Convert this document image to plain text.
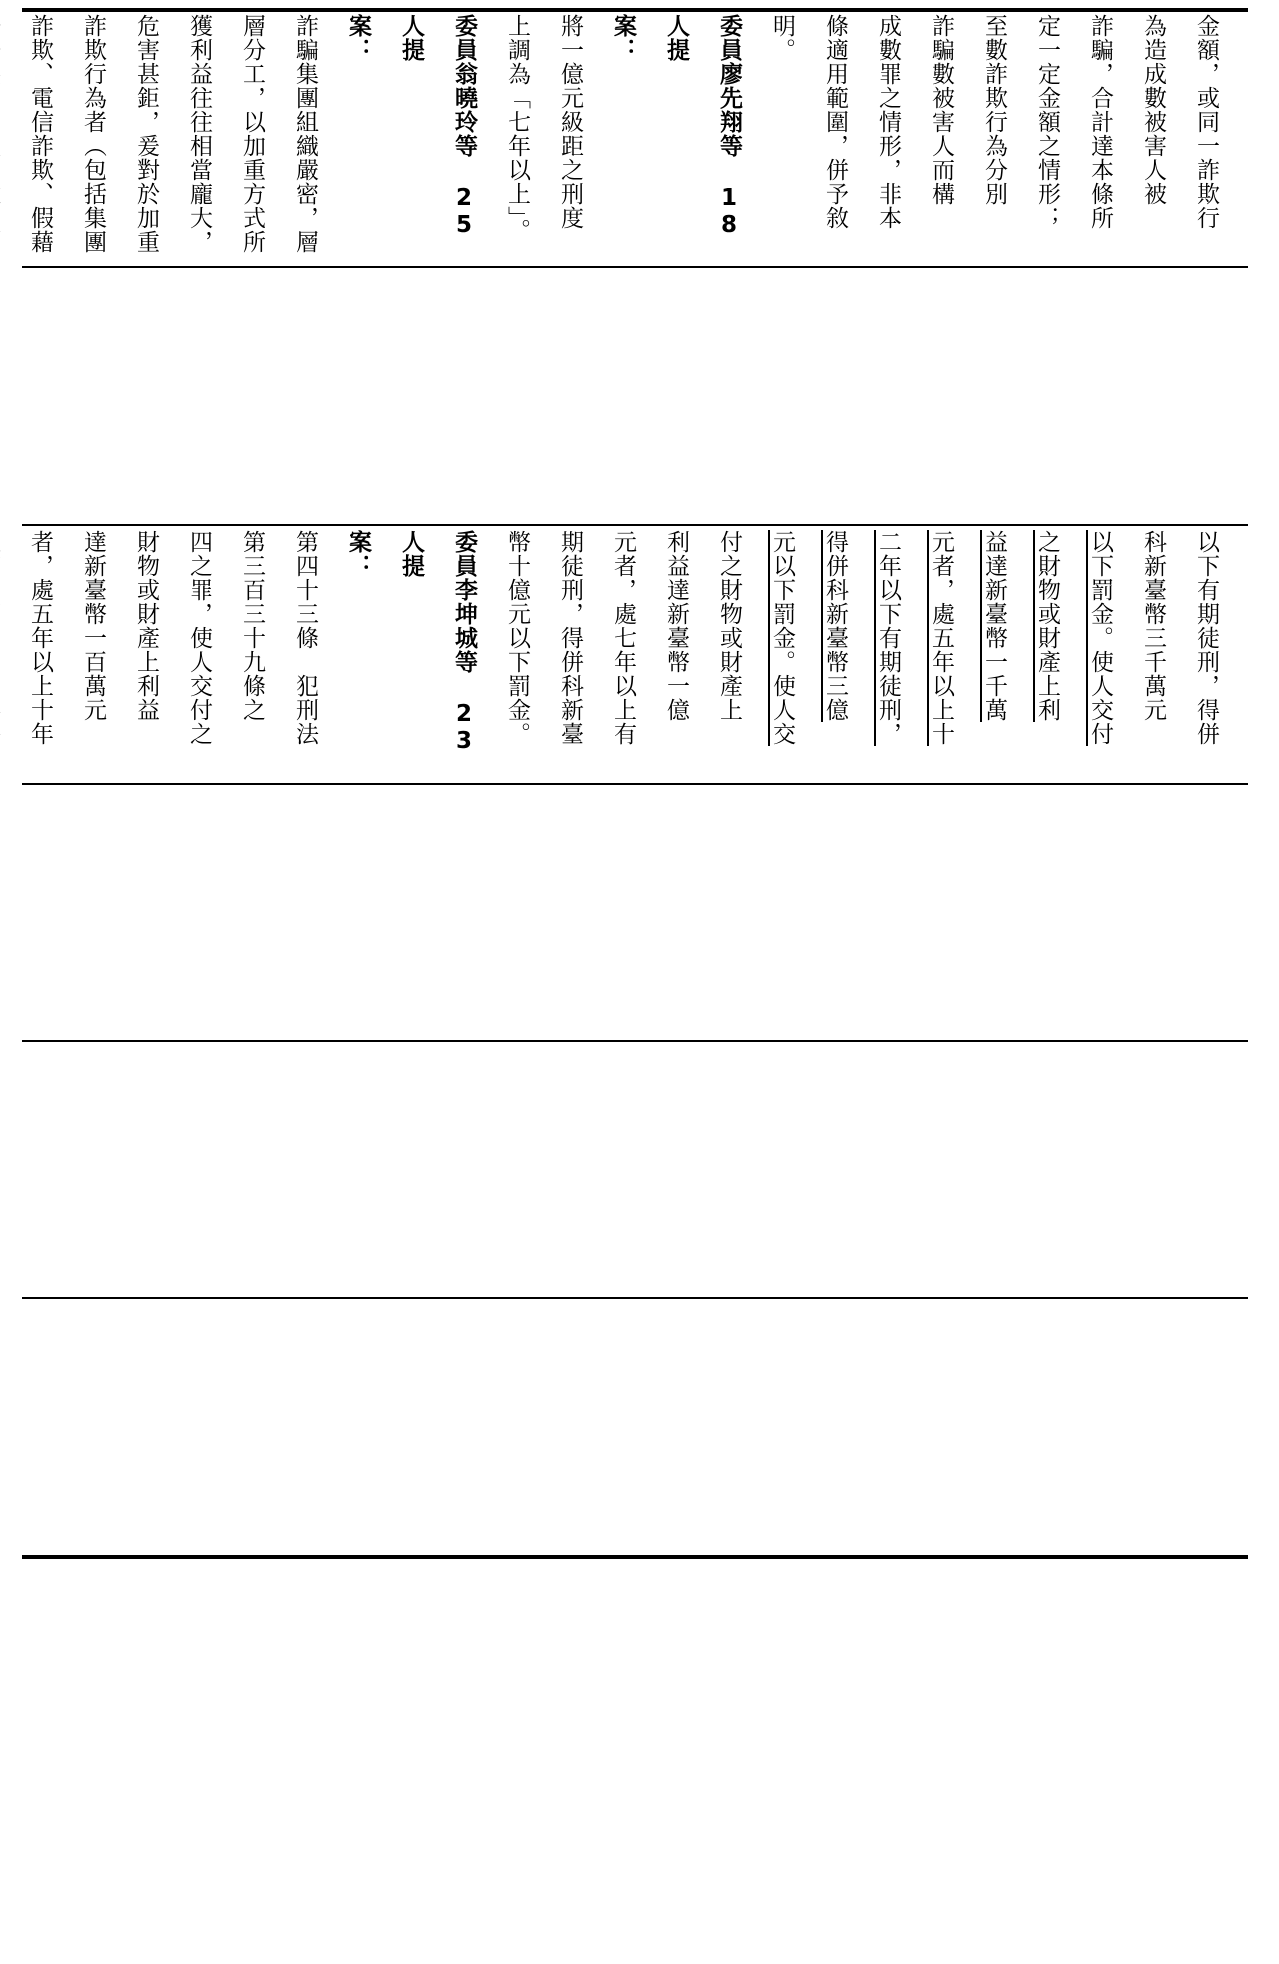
金額，或同一詐欺行
為造成數被害人被
詐騙，合計達本條所
定一定金額之情形；
至數詐欺行為分別
詐騙數被害人而構
成數罪之情形，非本
條適用範圍，併予敘
明。
委員廖先翔等 18 人提
案：
將一億元級距之刑度
上調為「七年以上」。
委員翁曉玲等 25 人提
案：
詐騙集團組織嚴密，層
層分工，以加重方式所
獲利益往往相當龐大，
危害甚鉅，爰對於加重
詐欺行為者（包括集團
詐欺、電信詐欺、假藉
以下有期徒刑，得併
科新臺幣三千萬元
以下罰金。使人交付
之財物或財產上利
益達新臺幣一千萬
元者，處五年以上十
二年以下有期徒刑，
得併科新臺幣三億
元以下罰金。使人交
付之財物或財產上
利益達新臺幣一億
元者，處七年以上有
期徒刑，得併科新臺
幣十億元以下罰金。
委員李坤城等 23 人提
案：
第四十三條　犯刑法
第三百三十九條之
四之罪，使人交付之
財物或財產上利益
達新臺幣一百萬元
者，處五年以上十年
